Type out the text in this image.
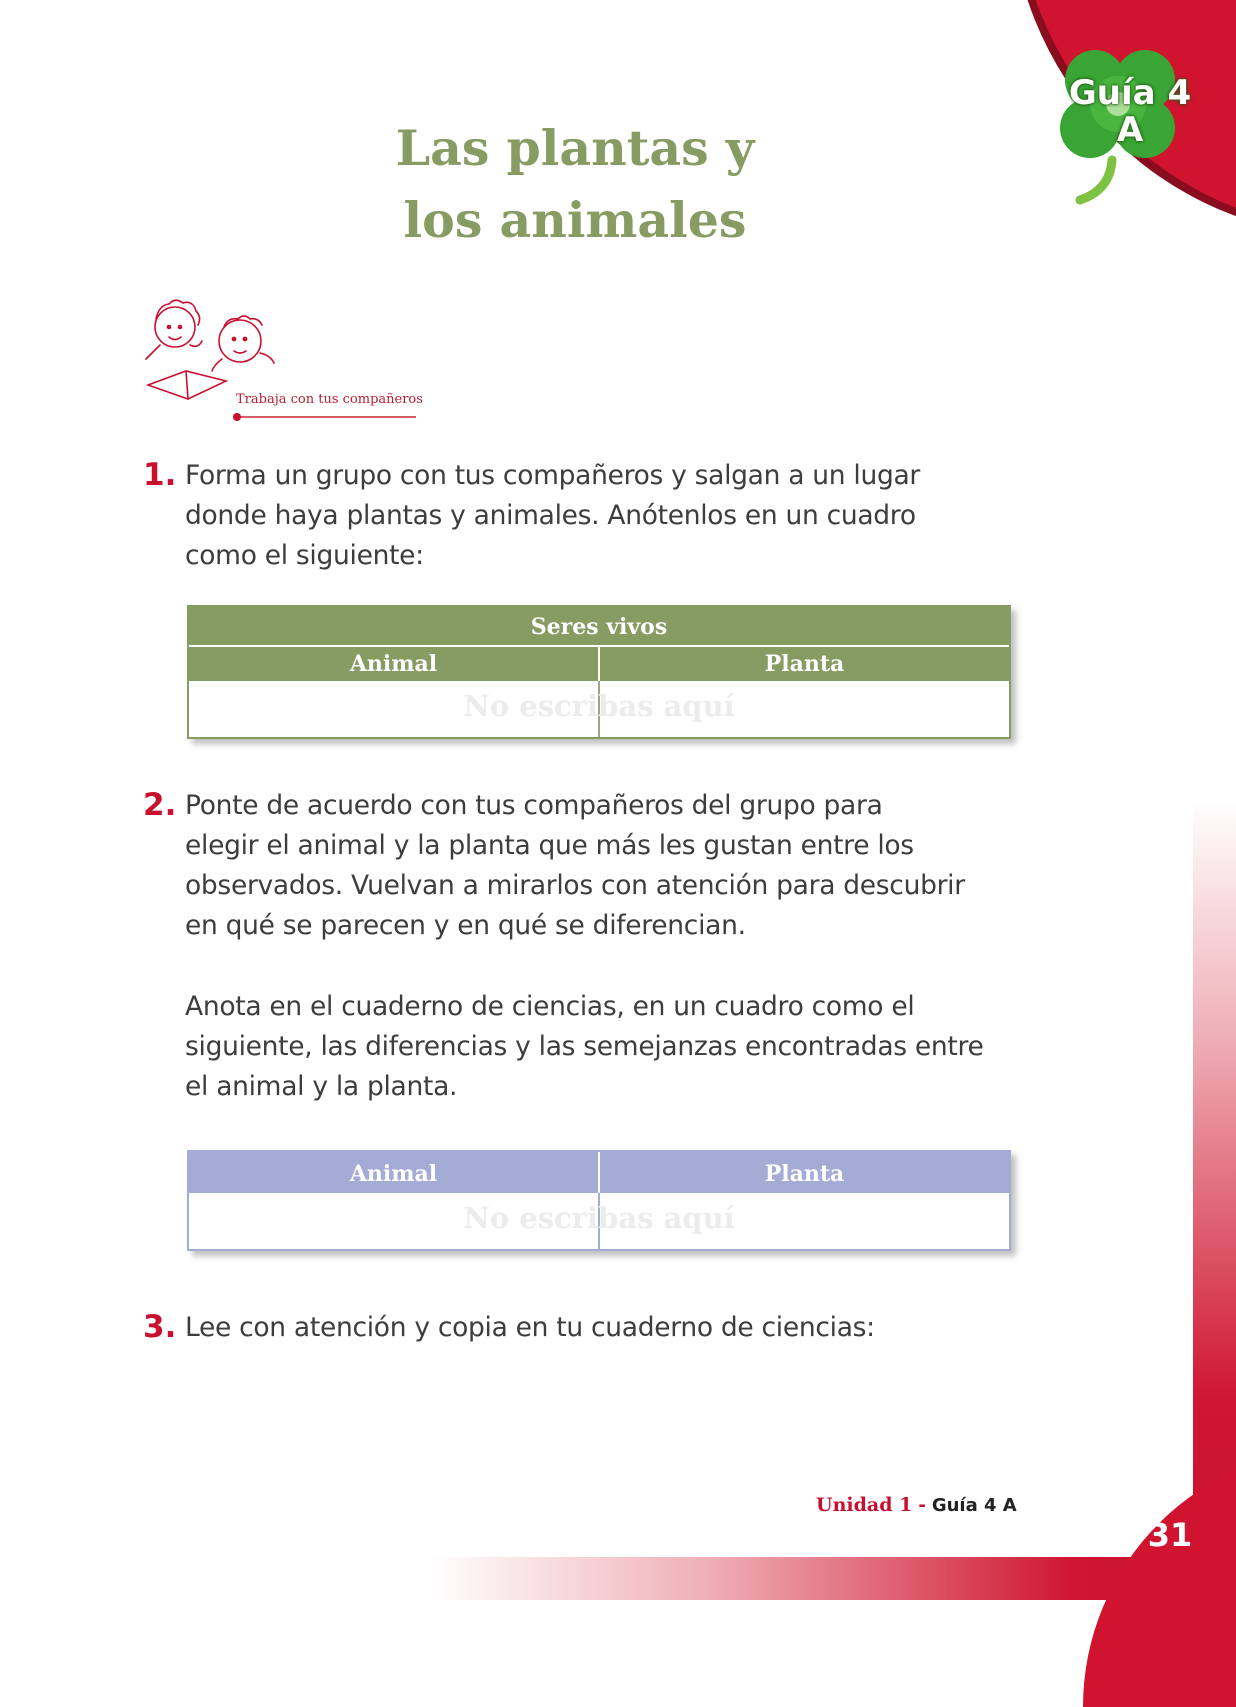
Guía 4
A
Las plantas y
los animales
Trabaja con tus compañeros
1. Forma un grupo con tus compañeros y salgan a un lugar
donde haya plantas y animales. Anótenlos en un cuadro
como el siguiente:
Seres vivos
Animal	Planta
No escribas aquí
2. Ponte de acuerdo con tus compañeros del grupo para
elegir el animal y la planta que más les gustan entre los
observados. Vuelvan a mirarlos con atención para descubrir
en qué se parecen y en qué se diferencian.
Anota en el cuaderno de ciencias, en un cuadro como el
siguiente, las diferencias y las semejanzas encontradas entre
el animal y la planta.
Animal	Planta
No escribas aquí
3. Lee con atención y copia en tu cuaderno de ciencias:
Unidad 1 - Guía 4 A
31
